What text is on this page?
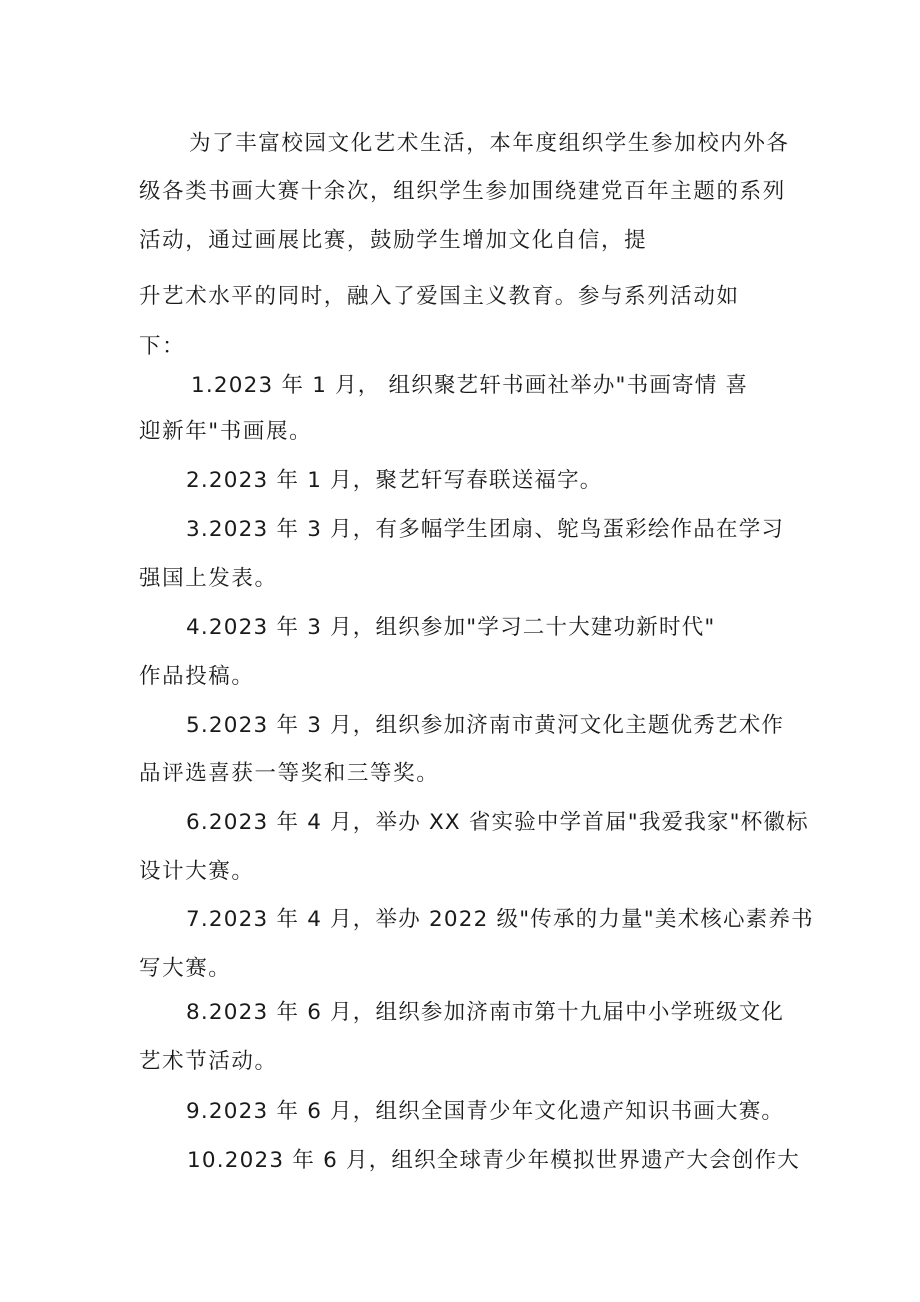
为了丰富校园文化艺术生活，本年度组织学生参加校内外各

级各类书画大赛十余次，组织学生参加围绕建党百年主题的系列

活动，通过画展比赛，鼓励学生增加文化自信，提

升艺术水平的同时，融入了爱国主义教育。参与系列活动如

下：

1.2023 年 1 月， 组织聚艺轩书画社举办"书画寄情 喜

迎新年"书画展。

2.2023 年 1 月，聚艺轩写春联送福字。

3.2023 年 3 月，有多幅学生团扇、鸵鸟蛋彩绘作品在学习

强国上发表。

4.2023 年 3 月，组织参加"学习二十大建功新时代"

作品投稿。

5.2023 年 3 月，组织参加济南市黄河文化主题优秀艺术作

品评选喜获一等奖和三等奖。

6.2023 年 4 月，举办 XX 省实验中学首届"我爱我家"杯徽标

设计大赛。

7.2023 年 4 月，举办 2022 级"传承的力量"美术核心素养书

写大赛。

8.2023 年 6 月，组织参加济南市第十九届中小学班级文化

艺术节活动。

9.2023 年 6 月，组织全国青少年文化遗产知识书画大赛。

10.2023 年 6 月，组织全球青少年模拟世界遗产大会创作大
